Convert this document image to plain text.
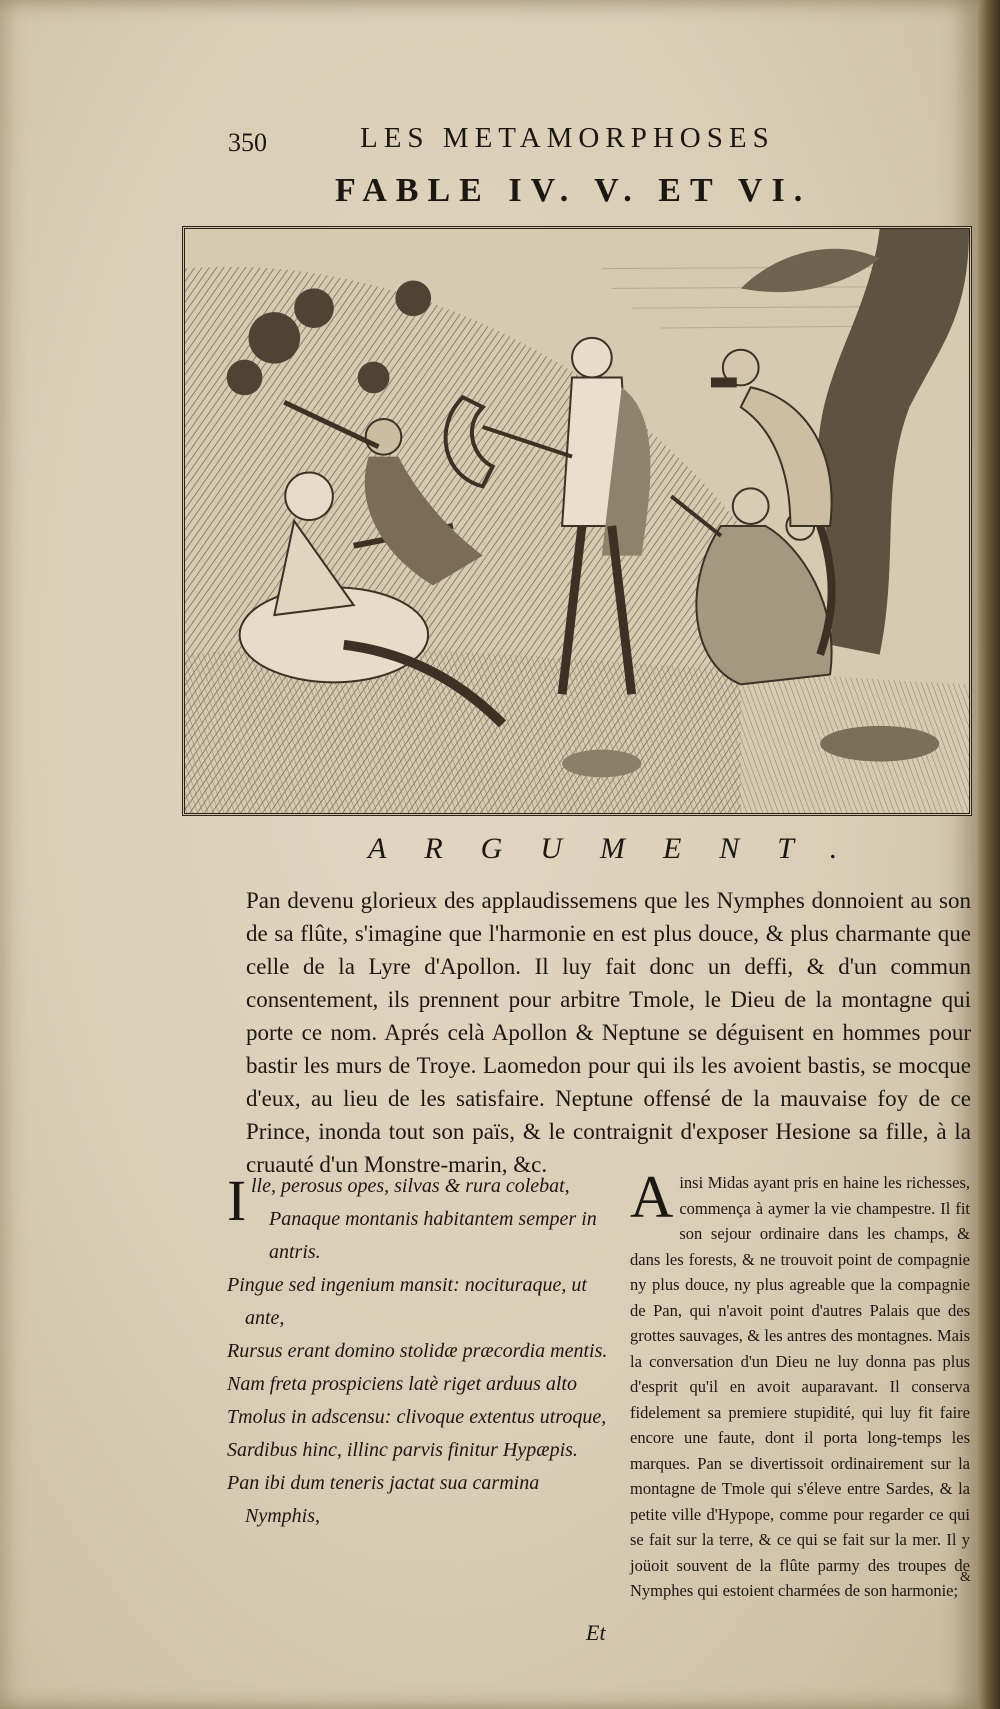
350	LES METAMORPHOSES
FABLE IV. V. ET VI.
ARGUMENT.
Pan devenu glorieux des applaudissemens que les Nymphes donnoient au son de sa flûte, s'imagine que l'harmonie en est plus douce, & plus charmante que celle de la Lyre d'Apollon. Il luy fait donc un deffi, & d'un commun consentement, ils prennent pour arbitre Tmole, le Dieu de la montagne qui porte ce nom. Aprés celà Apollon & Neptune se déguisent en hommes pour bastir les murs de Troye. Laomedon pour qui ils les avoient bastis, se mocque d'eux, au lieu de les satisfaire. Neptune offensé de la mauvaise foy de ce Prince, inonda tout son païs, & le contraignit d'exposer Hesione sa fille, à la cruauté d'un Monstre-marin, &c.

I lle, perosus opes, silvas & rura colebat,

Panaque montanis habitantem semper in antris.

Pingue sed ingenium mansit: nocituraque, ut ante,

Rursus erant domino stolidæ præcordia mentis.

Nam freta prospiciens latè riget arduus alto

Tmolus in adscensu: clivoque extentus utroque,

Sardibus hinc, illinc parvis finitur Hypæpis.

Pan ibi dum teneris jactat sua carmina Nymphis,

Et
A insi Midas ayant pris en haine les richesses, commença à aymer la vie champestre. Il fit son sejour ordinaire dans les champs, & dans les forests, & ne trouvoit point de compagnie ny plus douce, ny plus agreable que la compagnie de Pan, qui n'avoit point d'autres Palais que des grottes sauvages, & les antres des montagnes. Mais la conversation d'un Dieu ne luy donna pas plus d'esprit qu'il en avoit auparavant. Il conserva fidelement sa premiere stupidité, qui luy fit faire encore une faute, dont il porta long-temps les marques. Pan se divertissoit ordinairement sur la montagne de Tmole qui s'éleve entre Sardes, & la petite ville d'Hypope, comme pour regarder ce qui se fait sur la terre, & ce qui se fait sur la mer. Il y joüoit souvent de la flûte parmy des troupes de Nymphes qui estoient charmées de son harmonie;
&
